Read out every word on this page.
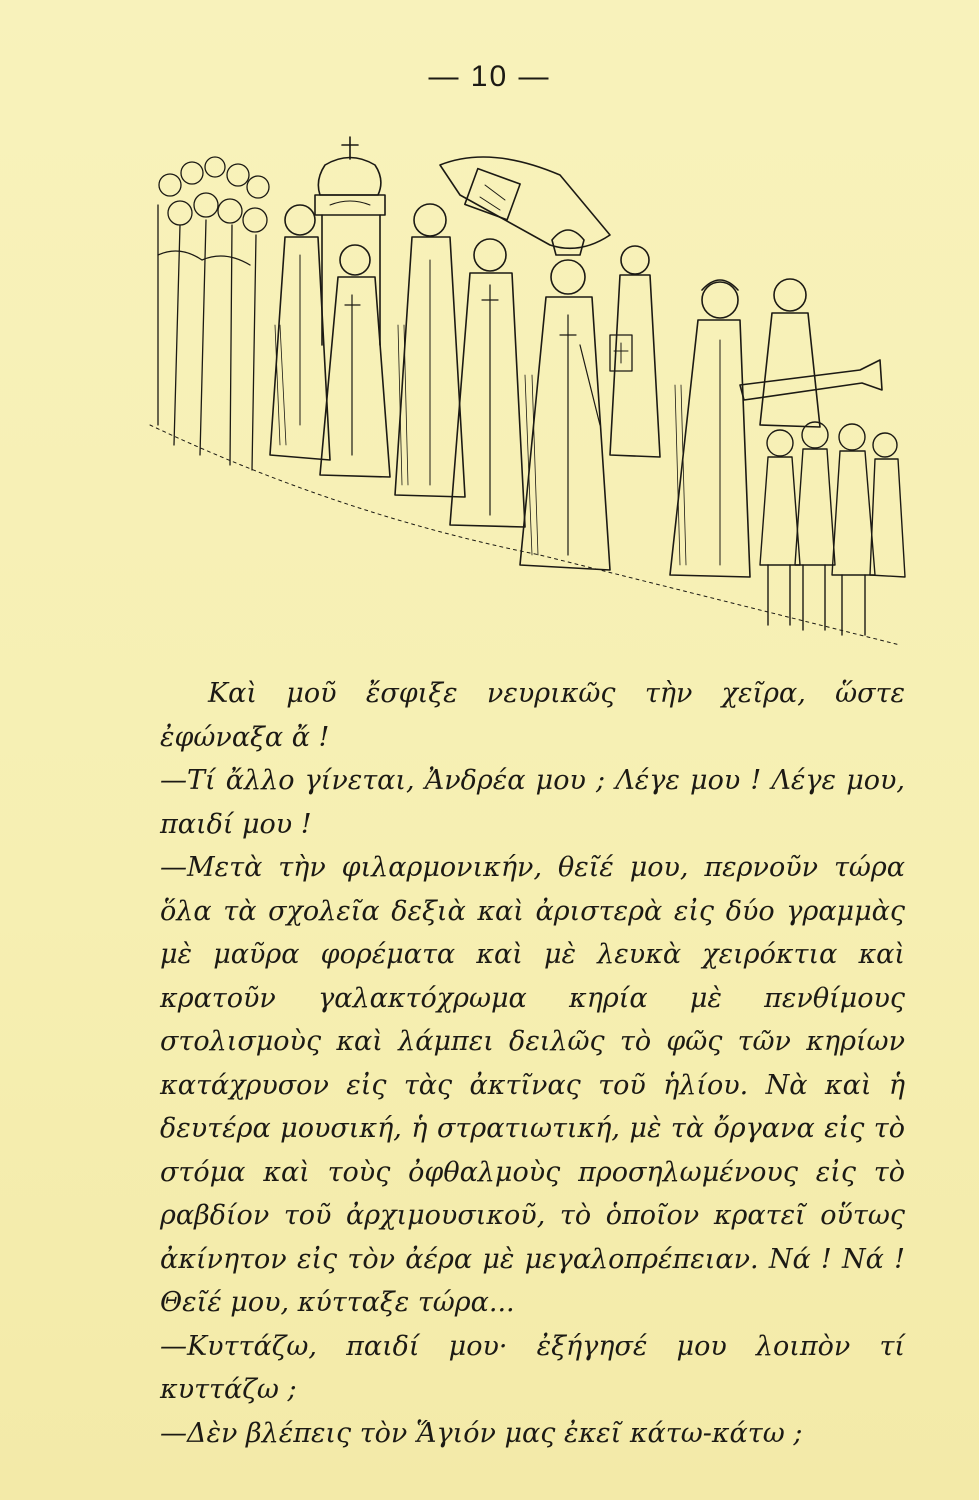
— 10 —

Καὶ μοῦ ἔσφιξε νευρικῶς τὴν χεῖρα, ὥστε ἐφώναξα ἄ !

—Τί ἄλλο γίνεται, Ἀνδρέα μου ; Λέγε μου ! Λέγε μου, παιδί μου !

—Μετὰ τὴν φιλαρμονικήν, θεῖέ μου, περνοῦν τώρα ὅλα τὰ σχολεῖα δεξιὰ καὶ ἀριστερὰ εἰς δύο γραμμὰς μὲ μαῦρα φορέματα καὶ μὲ λευκὰ χειρόκτια καὶ κρατοῦν γαλακτόχρωμα κηρία μὲ πενθίμους στολισμοὺς καὶ λάμπει δειλῶς τὸ φῶς τῶν κηρίων κατάχρυσον εἰς τὰς ἀκτῖνας τοῦ ἡλίου. Νὰ καὶ ἡ δευτέρα μουσική, ἡ στρατιωτική, μὲ τὰ ὄργανα εἰς τὸ στόμα καὶ τοὺς ὀφθαλμοὺς προσηλωμένους εἰς τὸ ραβδίον τοῦ ἀρχιμουσικοῦ, τὸ ὁποῖον κρατεῖ οὕτως ἀκίνητον εἰς τὸν ἀέρα μὲ μεγαλοπρέπειαν. Νά ! Νά ! Θεῖέ μου, κύτταξε τώρα...

—Κυττάζω, παιδί μου· ἐξήγησέ μου λοιπὸν τί κυττάζω ;

—Δὲν βλέπεις τὸν Ἅγιόν μας ἐκεῖ κάτω-κάτω ;
